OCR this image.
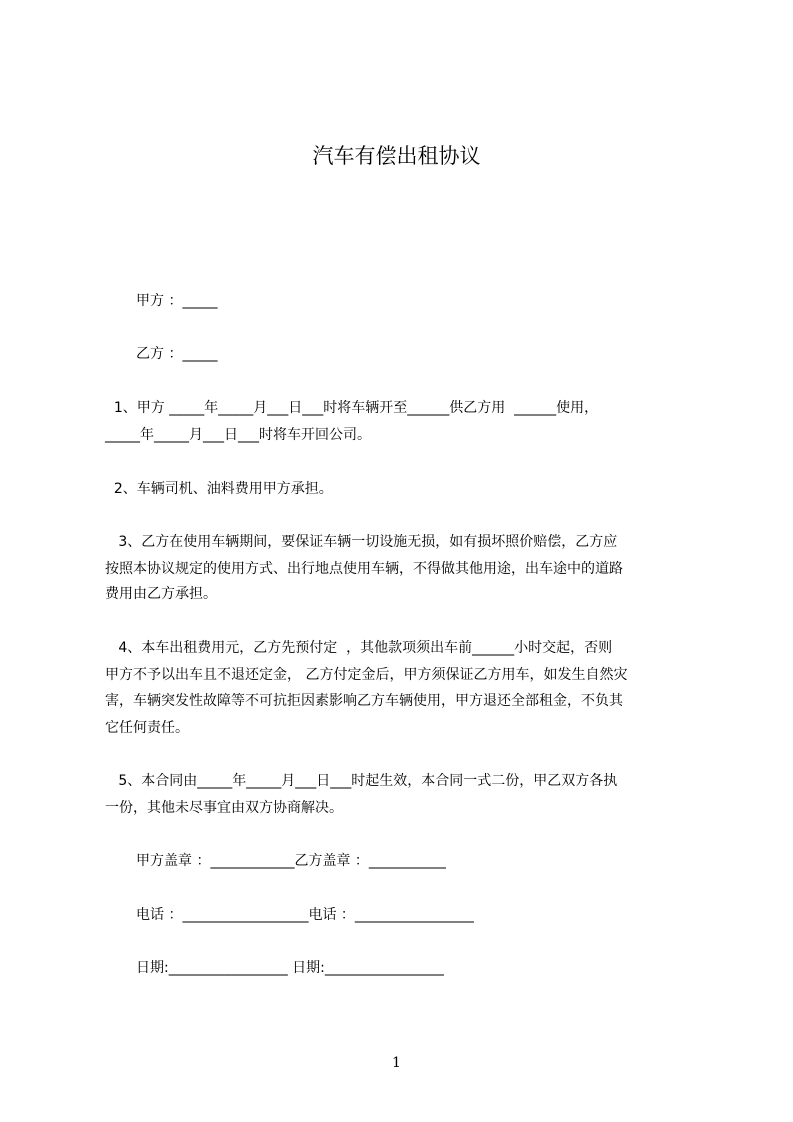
汽车有偿出租协议
甲方 ：_____
乙方 ：_____
1、甲方 _____年_____月___日___时将车辆开至______供乙方用  ______使用，
_____年_____月___日___时将车开回公司。
2、车辆司机、油料费用甲方承担。
3、乙方在使用车辆期间，要保证车辆一切设施无损，如有损坏照价赔偿，乙方应
按照本协议规定的使用方式、出行地点使用车辆，不得做其他用途，出车途中的道路
费用由乙方承担。
4、本车出租费用元，乙方先预付定  ，其他款项须出车前______小时交起，否则
甲方不予以出车且不退还定金， 乙方付定金后，甲方须保证乙方用车，如发生自然灾
害，车辆突发性故障等不可抗拒因素影响乙方车辆使用，甲方退还全部租金，不负其
它任何责任。
5、本合同由_____年_____月___日___时起生效，本合同一式二份，甲乙双方各执
一份，其他未尽事宜由双方协商解决。
甲方盖章 ：____________乙方盖章 ：___________
电话 ：__________________电话 ：_________________
日期:_________________ 日期:_________________
1
